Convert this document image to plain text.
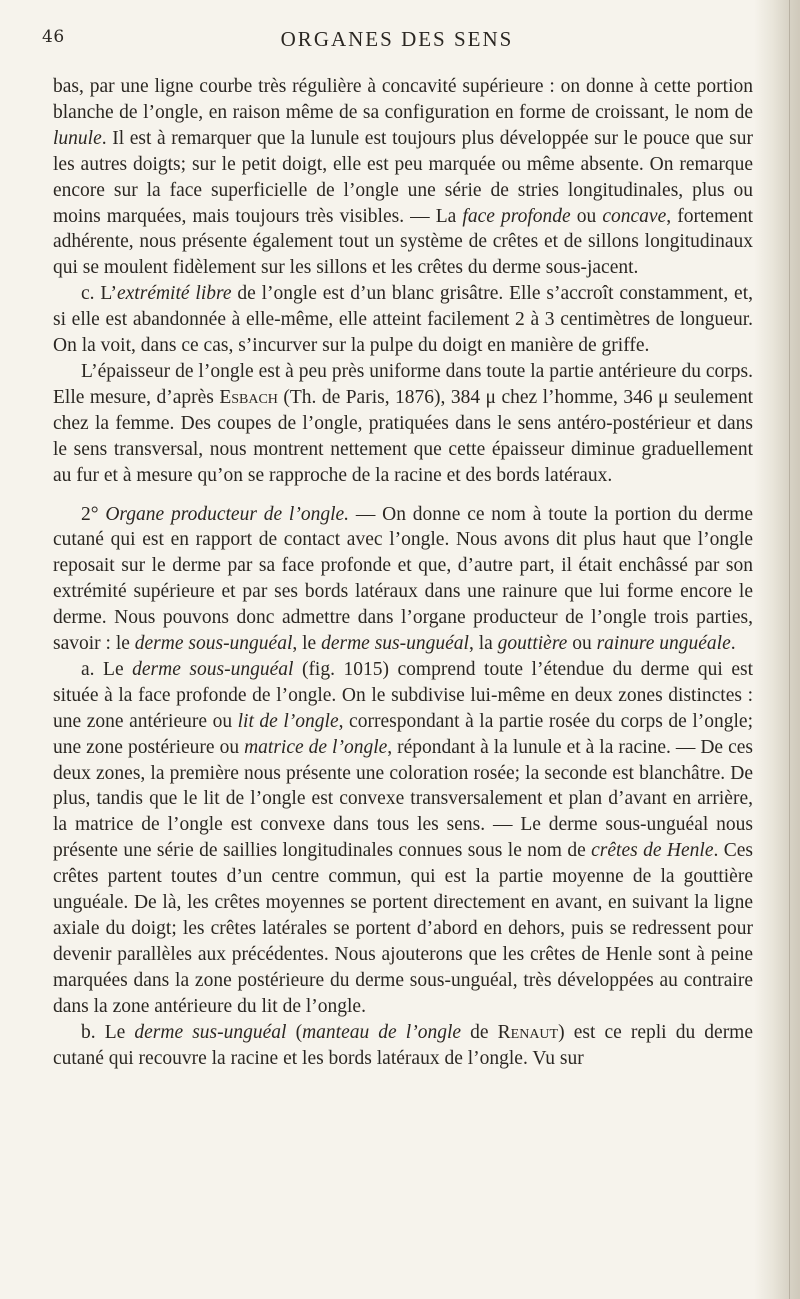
46	ORGANES DES SENS

bas, par une ligne courbe très régulière à concavité supérieure : on donne à cette portion blanche de l’ongle, en raison même de sa configuration en forme de croissant, le nom de lunule. Il est à remarquer que la lunule est toujours plus développée sur le pouce que sur les autres doigts; sur le petit doigt, elle est peu marquée ou même absente. On remarque encore sur la face superficielle de l’ongle une série de stries longitudinales, plus ou moins marquées, mais toujours très visibles. — La face profonde ou concave, fortement adhérente, nous présente également tout un système de crêtes et de sillons longitudinaux qui se moulent fidèlement sur les sillons et les crêtes du derme sous-jacent.

c. L’extrémité libre de l’ongle est d’un blanc grisâtre. Elle s’accroît constamment, et, si elle est abandonnée à elle-même, elle atteint facilement 2 à 3 centimètres de longueur. On la voit, dans ce cas, s’incurver sur la pulpe du doigt en manière de griffe.

L’épaisseur de l’ongle est à peu près uniforme dans toute la partie antérieure du corps. Elle mesure, d’après Esbach (Th. de Paris, 1876), 384 μ chez l’homme, 346 μ seulement chez la femme. Des coupes de l’ongle, pratiquées dans le sens antéro-postérieur et dans le sens transversal, nous montrent nettement que cette épaisseur diminue graduellement au fur et à mesure qu’on se rapproche de la racine et des bords latéraux.

2° Organe producteur de l’ongle. — On donne ce nom à toute la portion du derme cutané qui est en rapport de contact avec l’ongle. Nous avons dit plus haut que l’ongle reposait sur le derme par sa face profonde et que, d’autre part, il était enchâssé par son extrémité supérieure et par ses bords latéraux dans une rainure que lui forme encore le derme. Nous pouvons donc admettre dans l’organe producteur de l’ongle trois parties, savoir : le derme sous-unguéal, le derme sus-unguéal, la gouttière ou rainure unguéale.

a. Le derme sous-unguéal (fig. 1015) comprend toute l’étendue du derme qui est située à la face profonde de l’ongle. On le subdivise lui-même en deux zones distinctes : une zone antérieure ou lit de l’ongle, correspondant à la partie rosée du corps de l’ongle; une zone postérieure ou matrice de l’ongle, répondant à la lunule et à la racine. — De ces deux zones, la première nous présente une coloration rosée; la seconde est blanchâtre. De plus, tandis que le lit de l’ongle est convexe transversalement et plan d’avant en arrière, la matrice de l’ongle est convexe dans tous les sens. — Le derme sous-unguéal nous présente une série de saillies longitudinales connues sous le nom de crêtes de Henle. Ces crêtes partent toutes d’un centre commun, qui est la partie moyenne de la gouttière unguéale. De là, les crêtes moyennes se portent directement en avant, en suivant la ligne axiale du doigt; les crêtes latérales se portent d’abord en dehors, puis se redressent pour devenir parallèles aux précédentes. Nous ajouterons que les crêtes de Henle sont à peine marquées dans la zone postérieure du derme sous-unguéal, très développées au contraire dans la zone antérieure du lit de l’ongle.

b. Le derme sus-unguéal (manteau de l’ongle de Renaut) est ce repli du derme cutané qui recouvre la racine et les bords latéraux de l’ongle. Vu sur
